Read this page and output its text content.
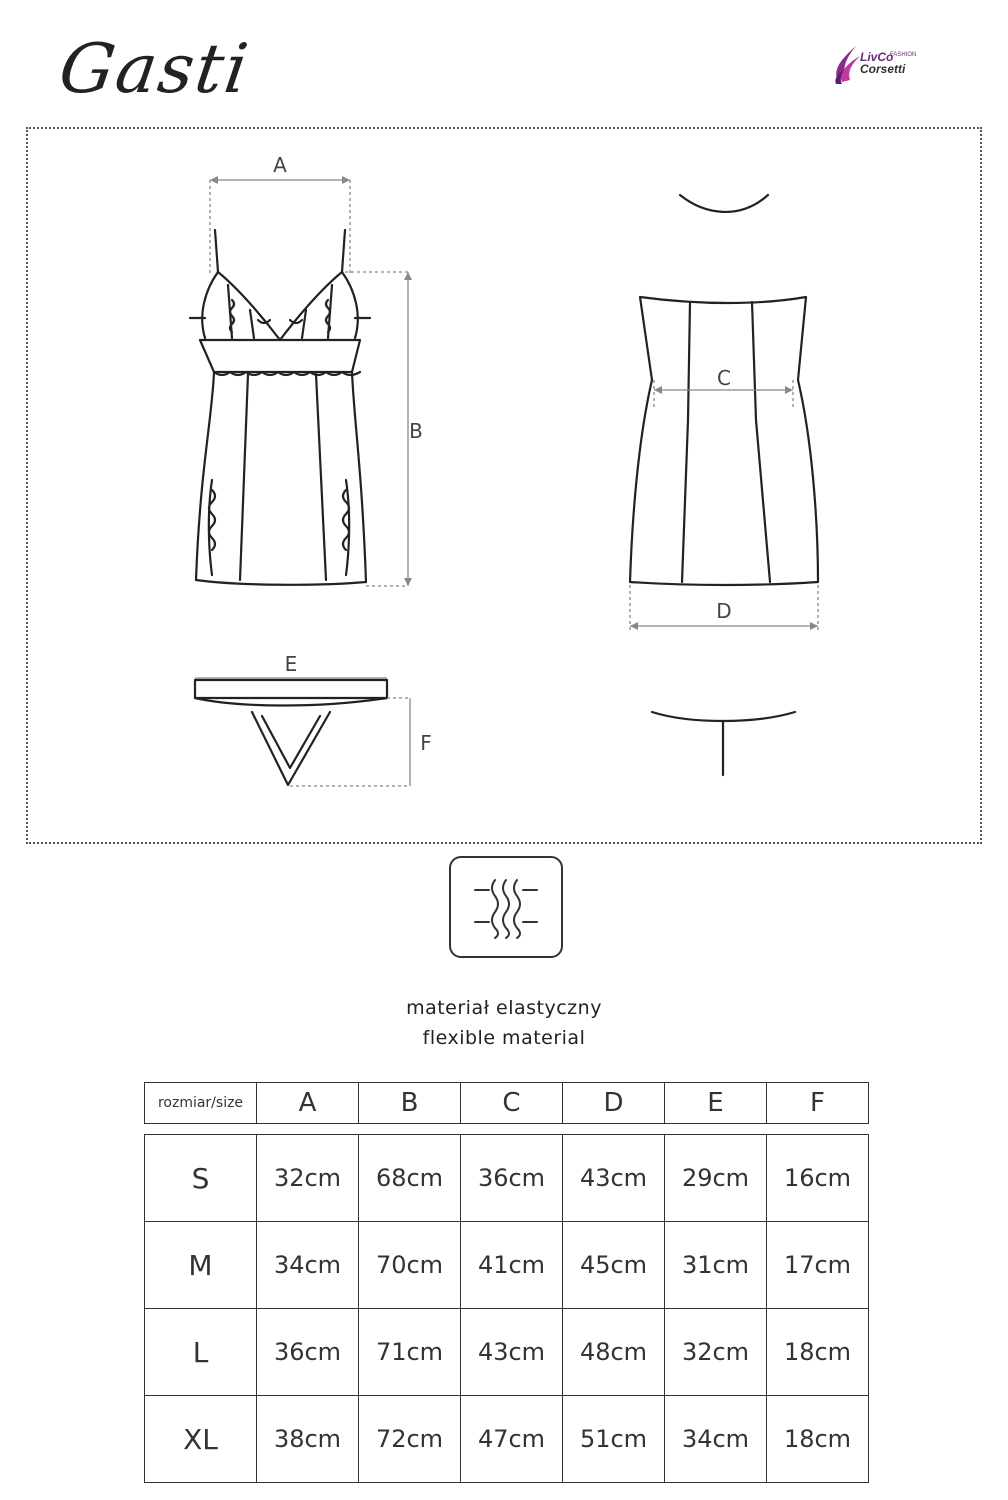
Gasti	LivCo
FASHION
Corsetti
A
B
C
D
E
F
materiał elastyczny
flexible material
rozmiar/size	A	B	C	D	E	F

S	32cm	68cm	36cm	43cm	29cm	16cm
M	34cm	70cm	41cm	45cm	31cm	17cm
L	36cm	71cm	43cm	48cm	32cm	18cm
XL	38cm	72cm	47cm	51cm	34cm	18cm
